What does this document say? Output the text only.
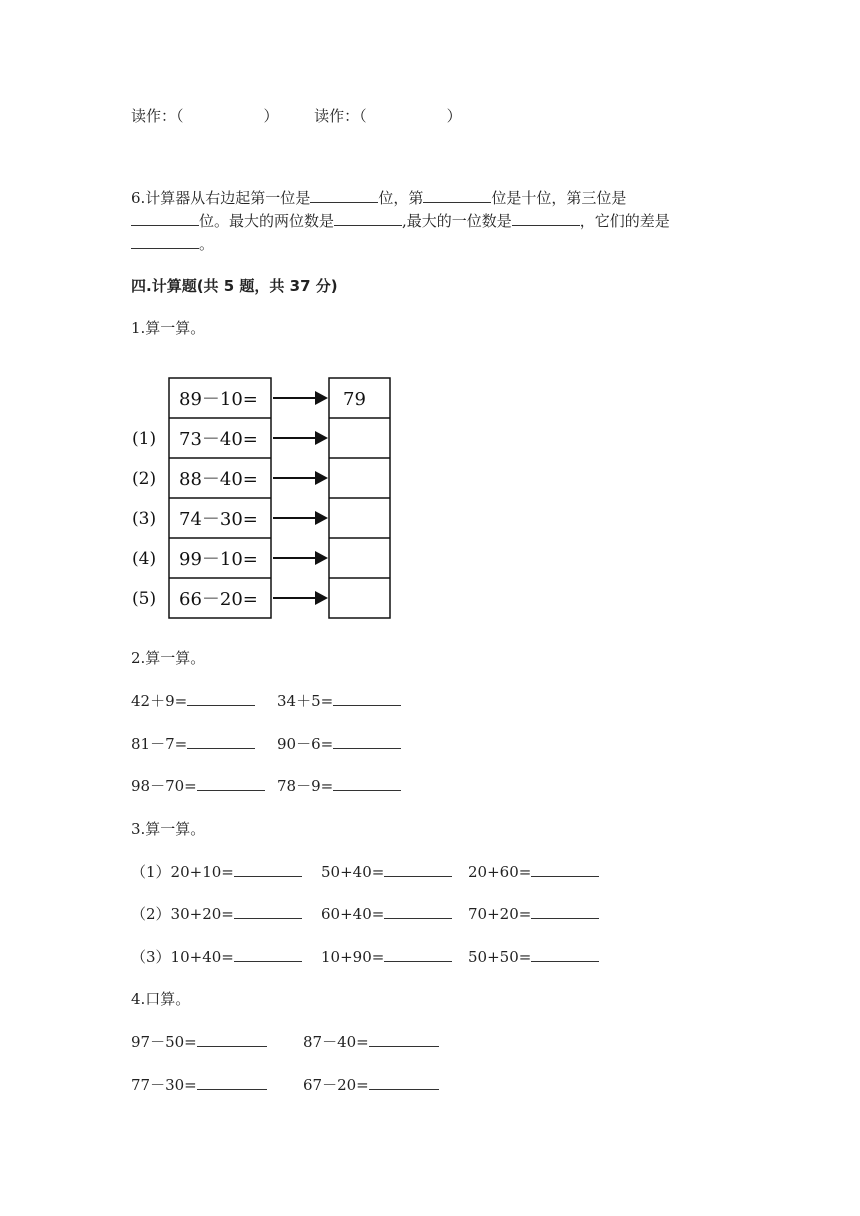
读作：（	） 读作：（	）
6.计算器从右边起第一位是	位，第	位是十位，第三位是
位。最大的两位数是	,最大的一位数是	，它们的差是
。
四.计算题(共 5 题，共 37 分)
1.算一算。
89－10=	79
(1) 73－40=
(2) 88－40=
(3) 74－30=
(4) 99－10=
(5) 66－20=
2.算一算。
42＋9=	34＋5=
81－7=	90－6=
98－70=	78－9=
3.算一算。
（1）20+10=	50+40=	20+60=
（2）30+20=	60+40=	70+20=
（3）10+40=	10+90=	50+50=
4.口算。
97－50=	87－40=
77－30=	67－20=
